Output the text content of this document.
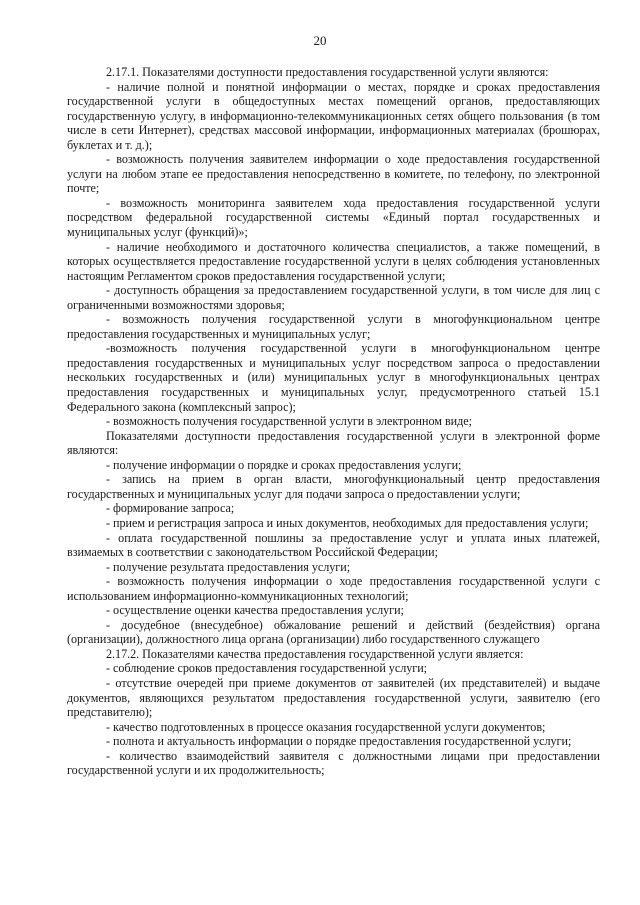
20

2.17.1. Показателями доступности предоставления государственной услуги являются:

- наличие полной и понятной информации о местах, порядке и сроках предоставления государственной услуги в общедоступных местах помещений органов, предоставляющих государственную услугу, в информационно-телекоммуникационных сетях общего пользования (в том числе в сети Интернет), средствах массовой информации, информационных материалах (брошюрах, буклетах и т. д.);

- возможность получения заявителем информации о ходе предоставления государственной услуги на любом этапе ее предоставления непосредственно в комитете, по телефону, по электронной почте;

- возможность мониторинга заявителем хода предоставления государственной услуги посредством федеральной государственной системы «Единый портал государственных и муниципальных услуг (функций)»;

- наличие необходимого и достаточного количества специалистов, а также помещений, в которых осуществляется предоставление государственной услуги в целях соблюдения установленных настоящим Регламентом сроков предоставления государственной услуги;

- доступность обращения за предоставлением государственной услуги, в том числе для лиц с ограниченными возможностями здоровья;

- возможность получения государственной услуги в многофункциональном центре предоставления государственных и муниципальных услуг;

-возможность получения государственной услуги в многофункциональном центре предоставления государственных и муниципальных услуг посредством запроса о предоставлении нескольких государственных и (или) муниципальных услуг в многофункциональных центрах предоставления государственных и муниципальных услуг, предусмотренного статьей 15.1 Федерального закона (комплексный запрос);

- возможность получения государственной услуги в электронном виде;

Показателями доступности предоставления государственной услуги в электронной форме являются:

- получение информации о порядке и сроках предоставления услуги;

- запись на прием в орган власти, многофункциональный центр предоставления государственных и муниципальных услуг для подачи запроса о предоставлении услуги;

- формирование запроса;

- прием и регистрация запроса и иных документов, необходимых для предоставления услуги;

- оплата государственной пошлины за предоставление услуг и уплата иных платежей, взимаемых в соответствии с законодательством Российской Федерации;

- получение результата предоставления услуги;

- возможность получения информации о ходе предоставления государственной услуги с использованием информационно-коммуникационных технологий;

- осуществление оценки качества предоставления услуги;

- досудебное (внесудебное) обжалование решений и действий (бездействия) органа (организации), должностного лица органа (организации) либо государственного служащего

2.17.2. Показателями качества предоставления государственной услуги является:

- соблюдение сроков предоставления государственной услуги;

- отсутствие очередей при приеме документов от заявителей (их представителей) и выдаче документов, являющихся результатом предоставления государственной услуги, заявителю (его представителю);

- качество подготовленных в процессе оказания государственной услуги документов;

- полнота и актуальность информации о порядке предоставления государственной услуги;

- количество взаимодействий заявителя с должностными лицами при предоставлении государственной услуги и их продолжительность;
